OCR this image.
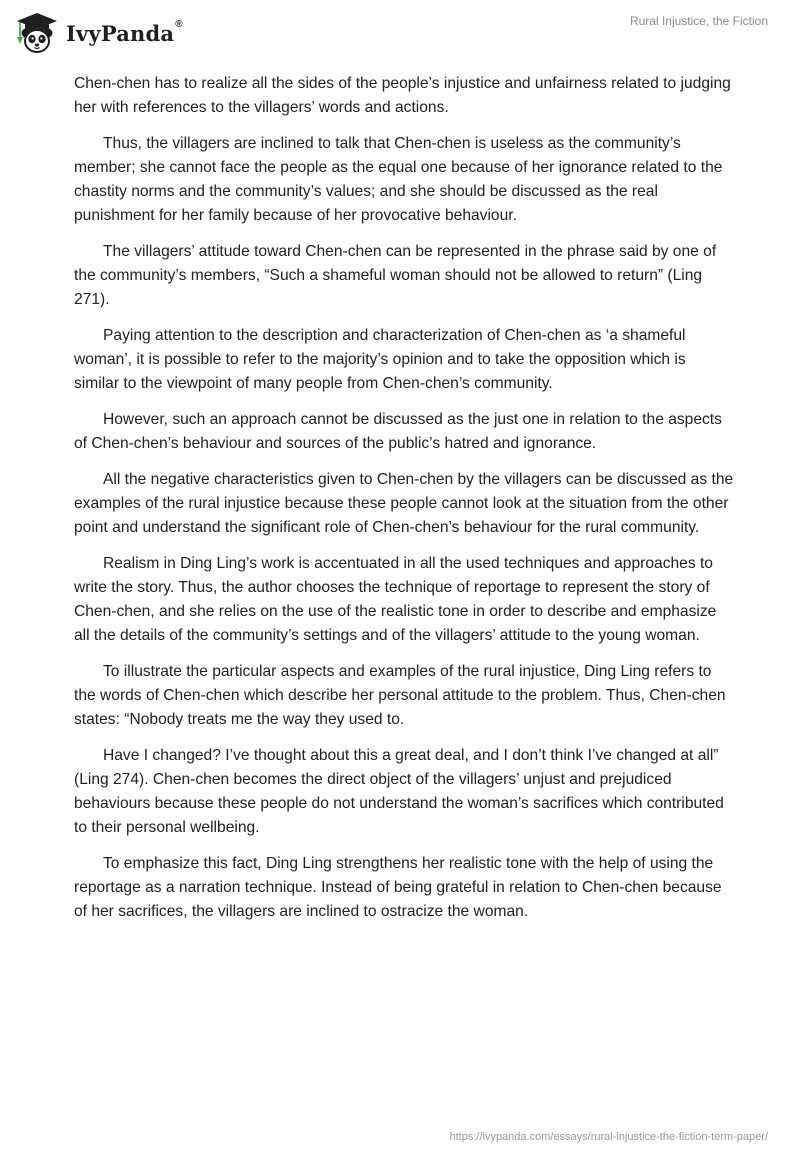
IvyPanda®	Rural Injustice, the Fiction

Chen-chen has to realize all the sides of the people’s injustice and unfairness related to judging her with references to the villagers’ words and actions.

Thus, the villagers are inclined to talk that Chen-chen is useless as the community’s member; she cannot face the people as the equal one because of her ignorance related to the chastity norms and the community’s values; and she should be discussed as the real punishment for her family because of her provocative behaviour.

The villagers’ attitude toward Chen-chen can be represented in the phrase said by one of the community’s members, “Such a shameful woman should not be allowed to return” (Ling 271).

Paying attention to the description and characterization of Chen-chen as ‘a shameful woman’, it is possible to refer to the majority’s opinion and to take the opposition which is similar to the viewpoint of many people from Chen-chen’s community.

However, such an approach cannot be discussed as the just one in relation to the aspects of Chen-chen’s behaviour and sources of the public’s hatred and ignorance.

All the negative characteristics given to Chen-chen by the villagers can be discussed as the examples of the rural injustice because these people cannot look at the situation from the other point and understand the significant role of Chen-chen’s behaviour for the rural community.

Realism in Ding Ling’s work is accentuated in all the used techniques and approaches to write the story. Thus, the author chooses the technique of reportage to represent the story of Chen-chen, and she relies on the use of the realistic tone in order to describe and emphasize all the details of the community’s settings and of the villagers’ attitude to the young woman.

To illustrate the particular aspects and examples of the rural injustice, Ding Ling refers to the words of Chen-chen which describe her personal attitude to the problem. Thus, Chen-chen states: “Nobody treats me the way they used to.

Have I changed? I’ve thought about this a great deal, and I don’t think I’ve changed at all” (Ling 274). Chen-chen becomes the direct object of the villagers’ unjust and prejudiced behaviours because these people do not understand the woman’s sacrifices which contributed to their personal wellbeing.

To emphasize this fact, Ding Ling strengthens her realistic tone with the help of using the reportage as a narration technique. Instead of being grateful in relation to Chen-chen because of her sacrifices, the villagers are inclined to ostracize the woman.

https://ivypanda.com/essays/rural-injustice-the-fiction-term-paper/
